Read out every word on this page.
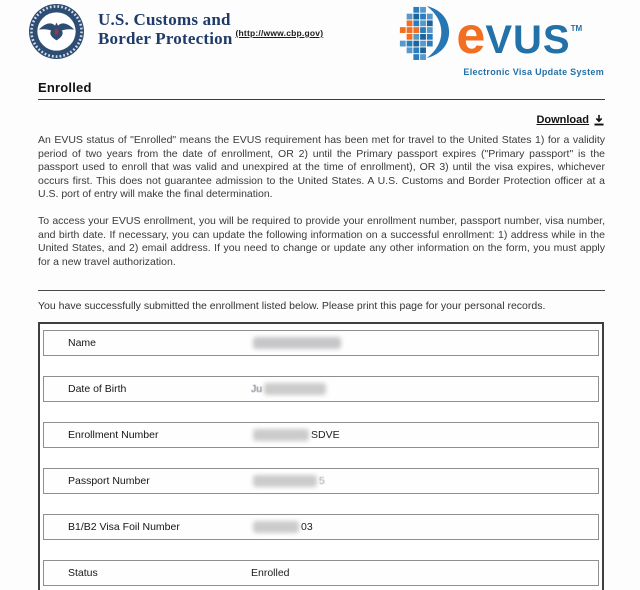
U.S. Customs and
Border Protection (http://www.cbp.gov)	eVUS™
Electronic Visa Update System
Enrolled
Download

An EVUS status of "Enrolled" means the EVUS requirement has been met for travel to the United States 1) for a validity period of two years from the date of enrollment, OR 2) until the Primary passport expires ("Primary passport" is the passport used to enroll that was valid and unexpired at the time of enrollment), OR 3) until the visa expires, whichever occurs first. This does not guarantee admission to the United States. A U.S. Customs and Border Protection officer at a U.S. port of entry will make the final determination.

To access your EVUS enrollment, you will be required to provide your enrollment number, passport number, visa number, and birth date. If necessary, you can update the following information on a successful enrollment: 1) address while in the United States, and 2) email address. If you need to change or update any other information on the form, you must apply for a new travel authorization.

You have successfully submitted the enrollment listed below. Please print this page for your personal records.
Name
Date of Birth	Ju
Enrollment Number	SDVE
Passport Number	5
B1/B2 Visa Foil Number	03
Status	Enrolled
